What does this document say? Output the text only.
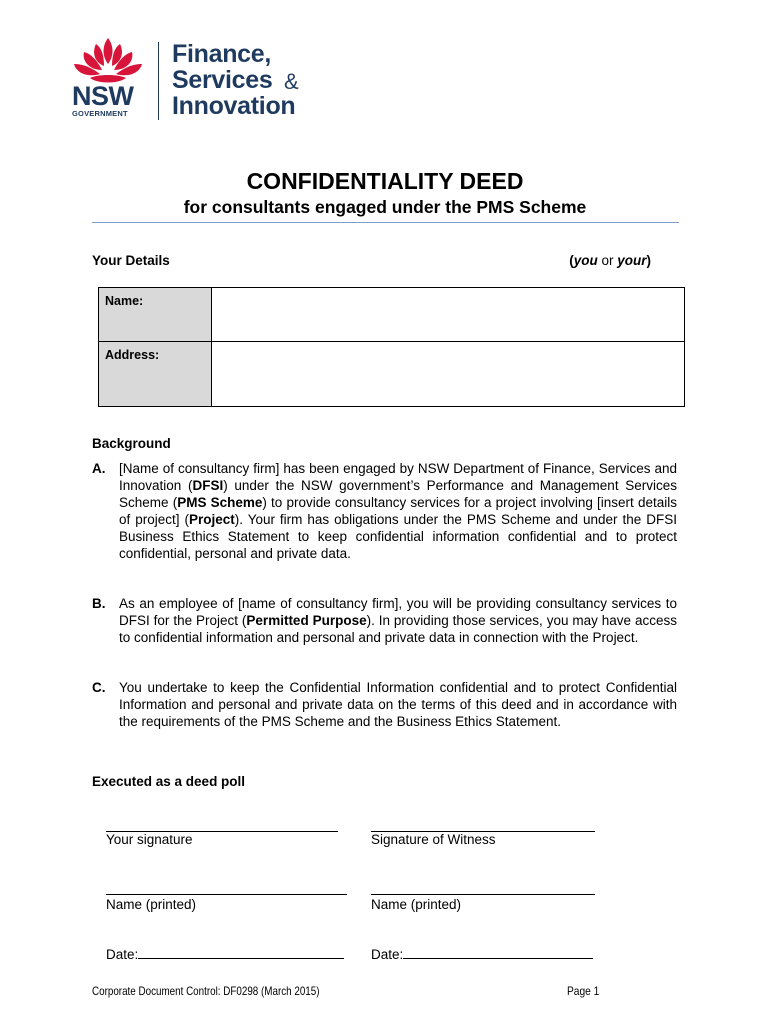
NSW
GOVERNMENT
Finance,
Services &
Innovation
CONFIDENTIALITY DEED
for consultants engaged under the PMS Scheme
Your Details	(you or your)
Name:	
Address:	
Background
A. [Name of consultancy firm] has been engaged by NSW Department of Finance, Services and Innovation (DFSI) under the NSW government’s Performance and Management Services Scheme (PMS Scheme) to provide consultancy services for a project involving [insert details of project] (Project). Your firm has obligations under the PMS Scheme and under the DFSI Business Ethics Statement to keep confidential information confidential and to protect confidential, personal and private data.
B. As an employee of [name of consultancy firm], you will be providing consultancy services to DFSI for the Project (Permitted Purpose). In providing those services, you may have access to confidential information and personal and private data in connection with the Project.
C. You undertake to keep the Confidential Information confidential and to protect Confidential Information and personal and private data on the terms of this deed and in accordance with the requirements of the PMS Scheme and the Business Ethics Statement.
Executed as a deed poll
Your signature	Signature of Witness
Name (printed)	Name (printed)
Date:	Date:
Corporate Document Control: DF0298 (March 2015)	Page 1
